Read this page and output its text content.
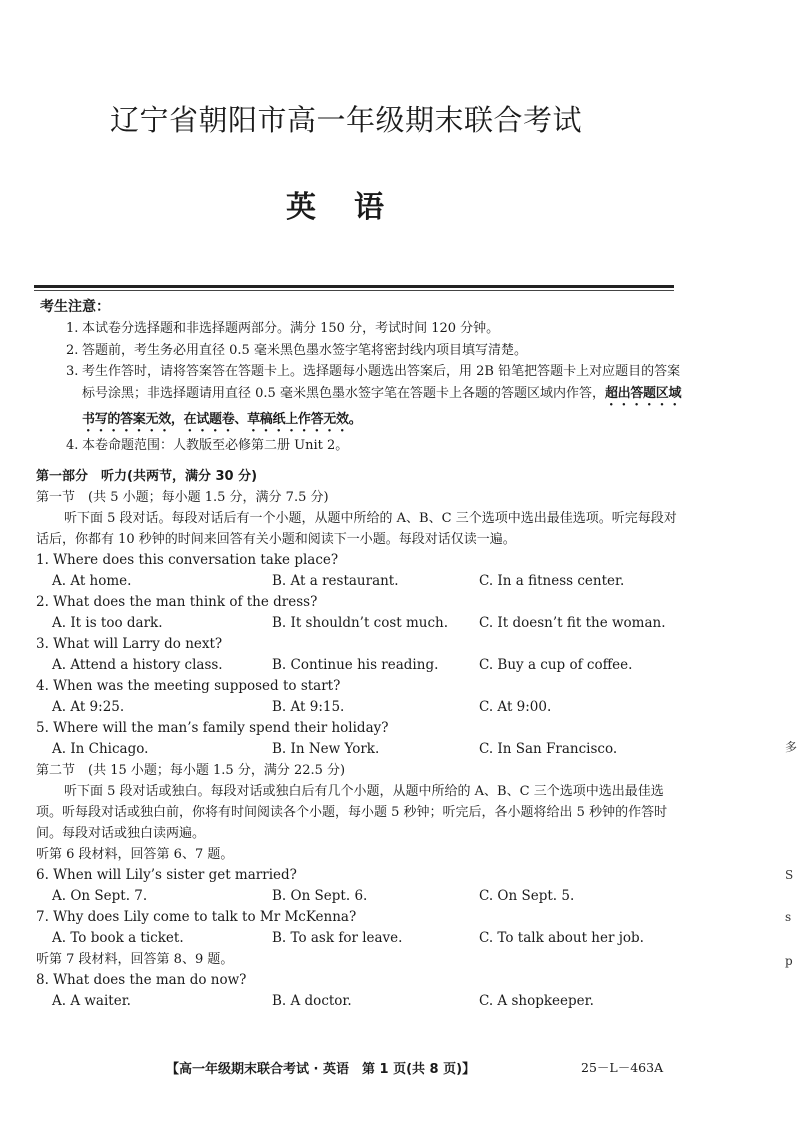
辽宁省朝阳市高一年级期末联合考试
英语
考生注意：
1. 本试卷分选择题和非选择题两部分。满分 150 分，考试时间 120 分钟。
2. 答题前，考生务必用直径 0.5 毫米黑色墨水签字笔将密封线内项目填写清楚。
3. 考生作答时，请将答案答在答题卡上。选择题每小题选出答案后，用 2B 铅笔把答题卡上对应题目的答案标号涂黑；非选择题请用直径 0.5 毫米黑色墨水签字笔在答题卡上各题的答题区域内作答，超出答题区域书写的答案无效，在试题卷、草稿纸上作答无效。
4. 本卷命题范围：人教版至必修第二册 Unit 2。
第一部分　听力(共两节，满分 30 分)
第一节　(共 5 小题；每小题 1.5 分，满分 7.5 分)
听下面 5 段对话。每段对话后有一个小题，从题中所给的 A、B、C 三个选项中选出最佳选项。听完每段对话后，你都有 10 秒钟的时间来回答有关小题和阅读下一小题。每段对话仅读一遍。
1. Where does this conversation take place?
A. At home.	B. At a restaurant.	C. In a fitness center.
2. What does the man think of the dress?
A. It is too dark.	B. It shouldn’t cost much.	C. It doesn’t fit the woman.
3. What will Larry do next?
A. Attend a history class.	B. Continue his reading.	C. Buy a cup of coffee.
4. When was the meeting supposed to start?
A. At 9:25.	B. At 9:15.	C. At 9:00.
5. Where will the man’s family spend their holiday?
A. In Chicago.	B. In New York.	C. In San Francisco.
第二节　(共 15 小题；每小题 1.5 分，满分 22.5 分)
听下面 5 段对话或独白。每段对话或独白后有几个小题，从题中所给的 A、B、C 三个选项中选出最佳选项。听每段对话或独白前，你将有时间阅读各个小题，每小题 5 秒钟；听完后，各小题将给出 5 秒钟的作答时间。每段对话或独白读两遍。
听第 6 段材料，回答第 6、7 题。
6. When will Lily’s sister get married?
A. On Sept. 7.	B. On Sept. 6.	C. On Sept. 5.
7. Why does Lily come to talk to Mr McKenna?
A. To book a ticket.	B. To ask for leave.	C. To talk about her job.
听第 7 段材料，回答第 8、9 题。
8. What does the man do now?
A. A waiter.	B. A doctor.	C. A shopkeeper.
【高一年级期末联合考试 · 英语　第 1 页(共 8 页)】	25－L－463A
多
S
s
p
